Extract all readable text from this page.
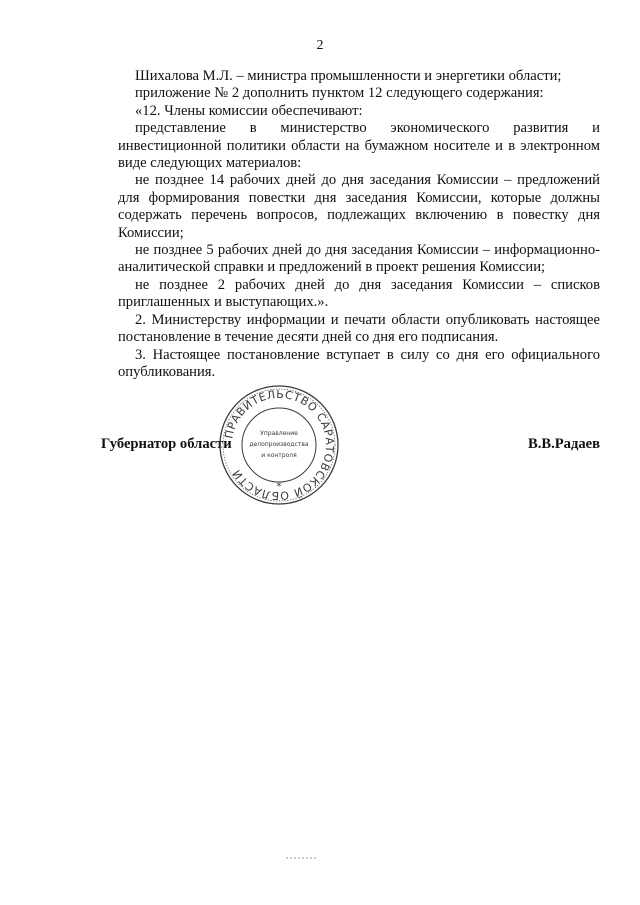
2

Шихалова М.Л. – министра промышленности и энергетики области;

приложение № 2 дополнить пунктом 12 следующего содержания:

«12. Члены комиссии обеспечивают:

представление в министерство экономического развития и инвестиционной политики области на бумажном носителе и в электронном виде следующих материалов:

не позднее 14 рабочих дней до дня заседания Комиссии – предложений для формирования повестки дня заседания Комиссии, которые должны содержать перечень вопросов, подлежащих включению в повестку дня Комиссии;

не позднее 5 рабочих дней до дня заседания Комиссии – информационно-аналитической справки и предложений в проект решения Комиссии;

не позднее 2 рабочих дней до дня заседания Комиссии – списков приглашенных и выступающих.».

2. Министерству информации и печати области опубликовать настоящее постановление в течение десяти дней со дня его подписания.

3. Настоящее постановление вступает в силу со дня его официального опубликования.

Губернатор области	В.В.Радаев
ПРАВИТЕЛЬСТВО САРАТОВСКОЙ ОБЛАСТИ
Управление
делопроизводства
и контроля
*
